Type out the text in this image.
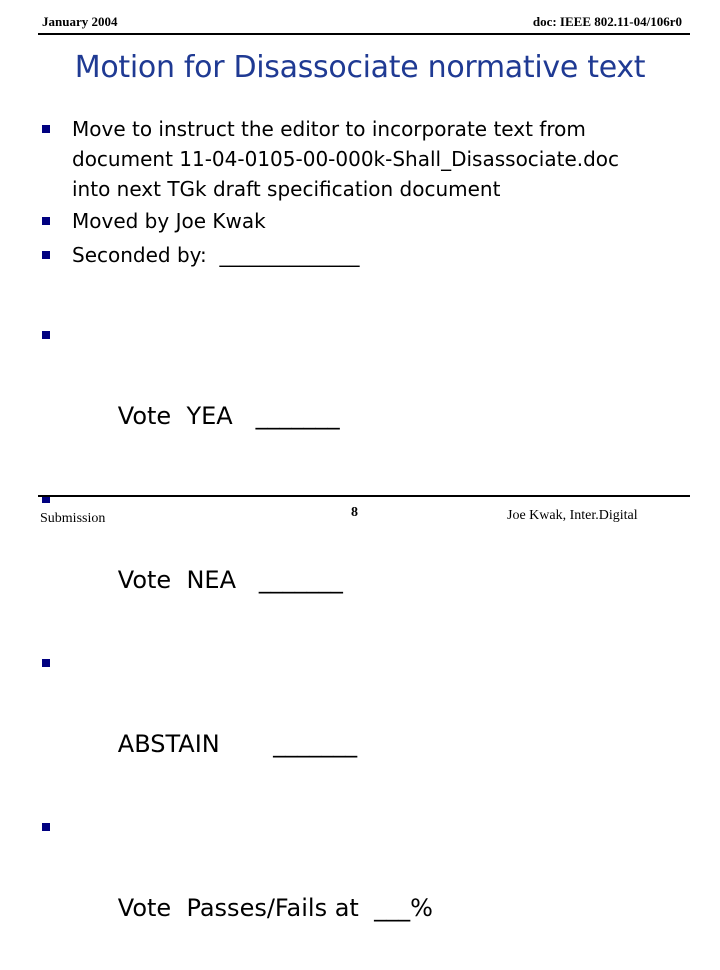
January 2004	doc: IEEE 802.11-04/106r0
Motion for Disassociate normative text
Move to instruct the editor to incorporate text from
document 11-04-0105-00-000k-Shall_Disassociate.doc
into next TGk draft specification document
Moved by Joe Kwak
Seconded by:  ______________

Vote  YEA   _______

Vote  NEA   _______

ABSTAIN       _______

Vote  Passes/Fails at  ___%

Submission	8	Joe Kwak, Inter.Digital
